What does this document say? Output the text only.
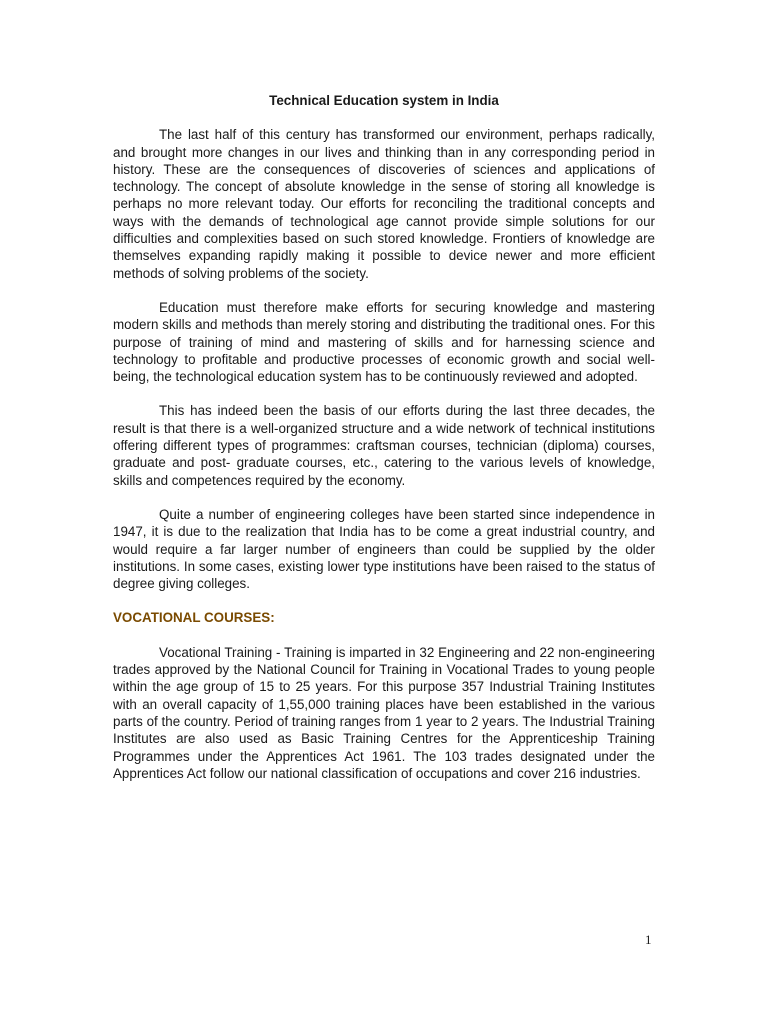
Technical Education system in India

The last half of this century has transformed our environment, perhaps radically, and brought more changes in our lives and thinking than in any corresponding period in history. These are the consequences of discoveries of sciences and applications of technology. The concept of absolute knowledge in the sense of storing all knowledge is perhaps no more relevant today. Our efforts for reconciling the traditional concepts and ways with the demands of technological age cannot provide simple solutions for our difficulties and complexities based on such stored knowledge. Frontiers of knowledge are themselves expanding rapidly making it possible to device newer and more efficient methods of solving problems of the society.

Education must therefore make efforts for securing knowledge and mastering modern skills and methods than merely storing and distributing the traditional ones. For this purpose of training of mind and mastering of skills and for harnessing science and technology to profitable and productive processes of economic growth and social well-being, the technological education system has to be continuously reviewed and adopted.

This has indeed been the basis of our efforts during the last three decades, the result is that there is a well-organized structure and a wide network of technical institutions offering different types of programmes: craftsman courses, technician (diploma) courses, graduate and post- graduate courses, etc., catering to the various levels of knowledge, skills and competences required by the economy.

Quite a number of engineering colleges have been started since independence in 1947, it is due to the realization that India has to be come a great industrial country, and would require a far larger number of engineers than could be supplied by the older institutions. In some cases, existing lower type institutions have been raised to the status of degree giving colleges.

VOCATIONAL COURSES:

Vocational Training - Training is imparted in 32 Engineering and 22 non-engineering trades approved by the National Council for Training in Vocational Trades to young people within the age group of 15 to 25 years. For this purpose 357 Industrial Training Institutes with an overall capacity of 1,55,000 training places have been established in the various parts of the country. Period of training ranges from 1 year to 2 years. The Industrial Training Institutes are also used as Basic Training Centres for the Apprenticeship Training Programmes under the Apprentices Act 1961. The 103 trades designated under the Apprentices Act follow our national classification of occupations and cover 216 industries.

1
